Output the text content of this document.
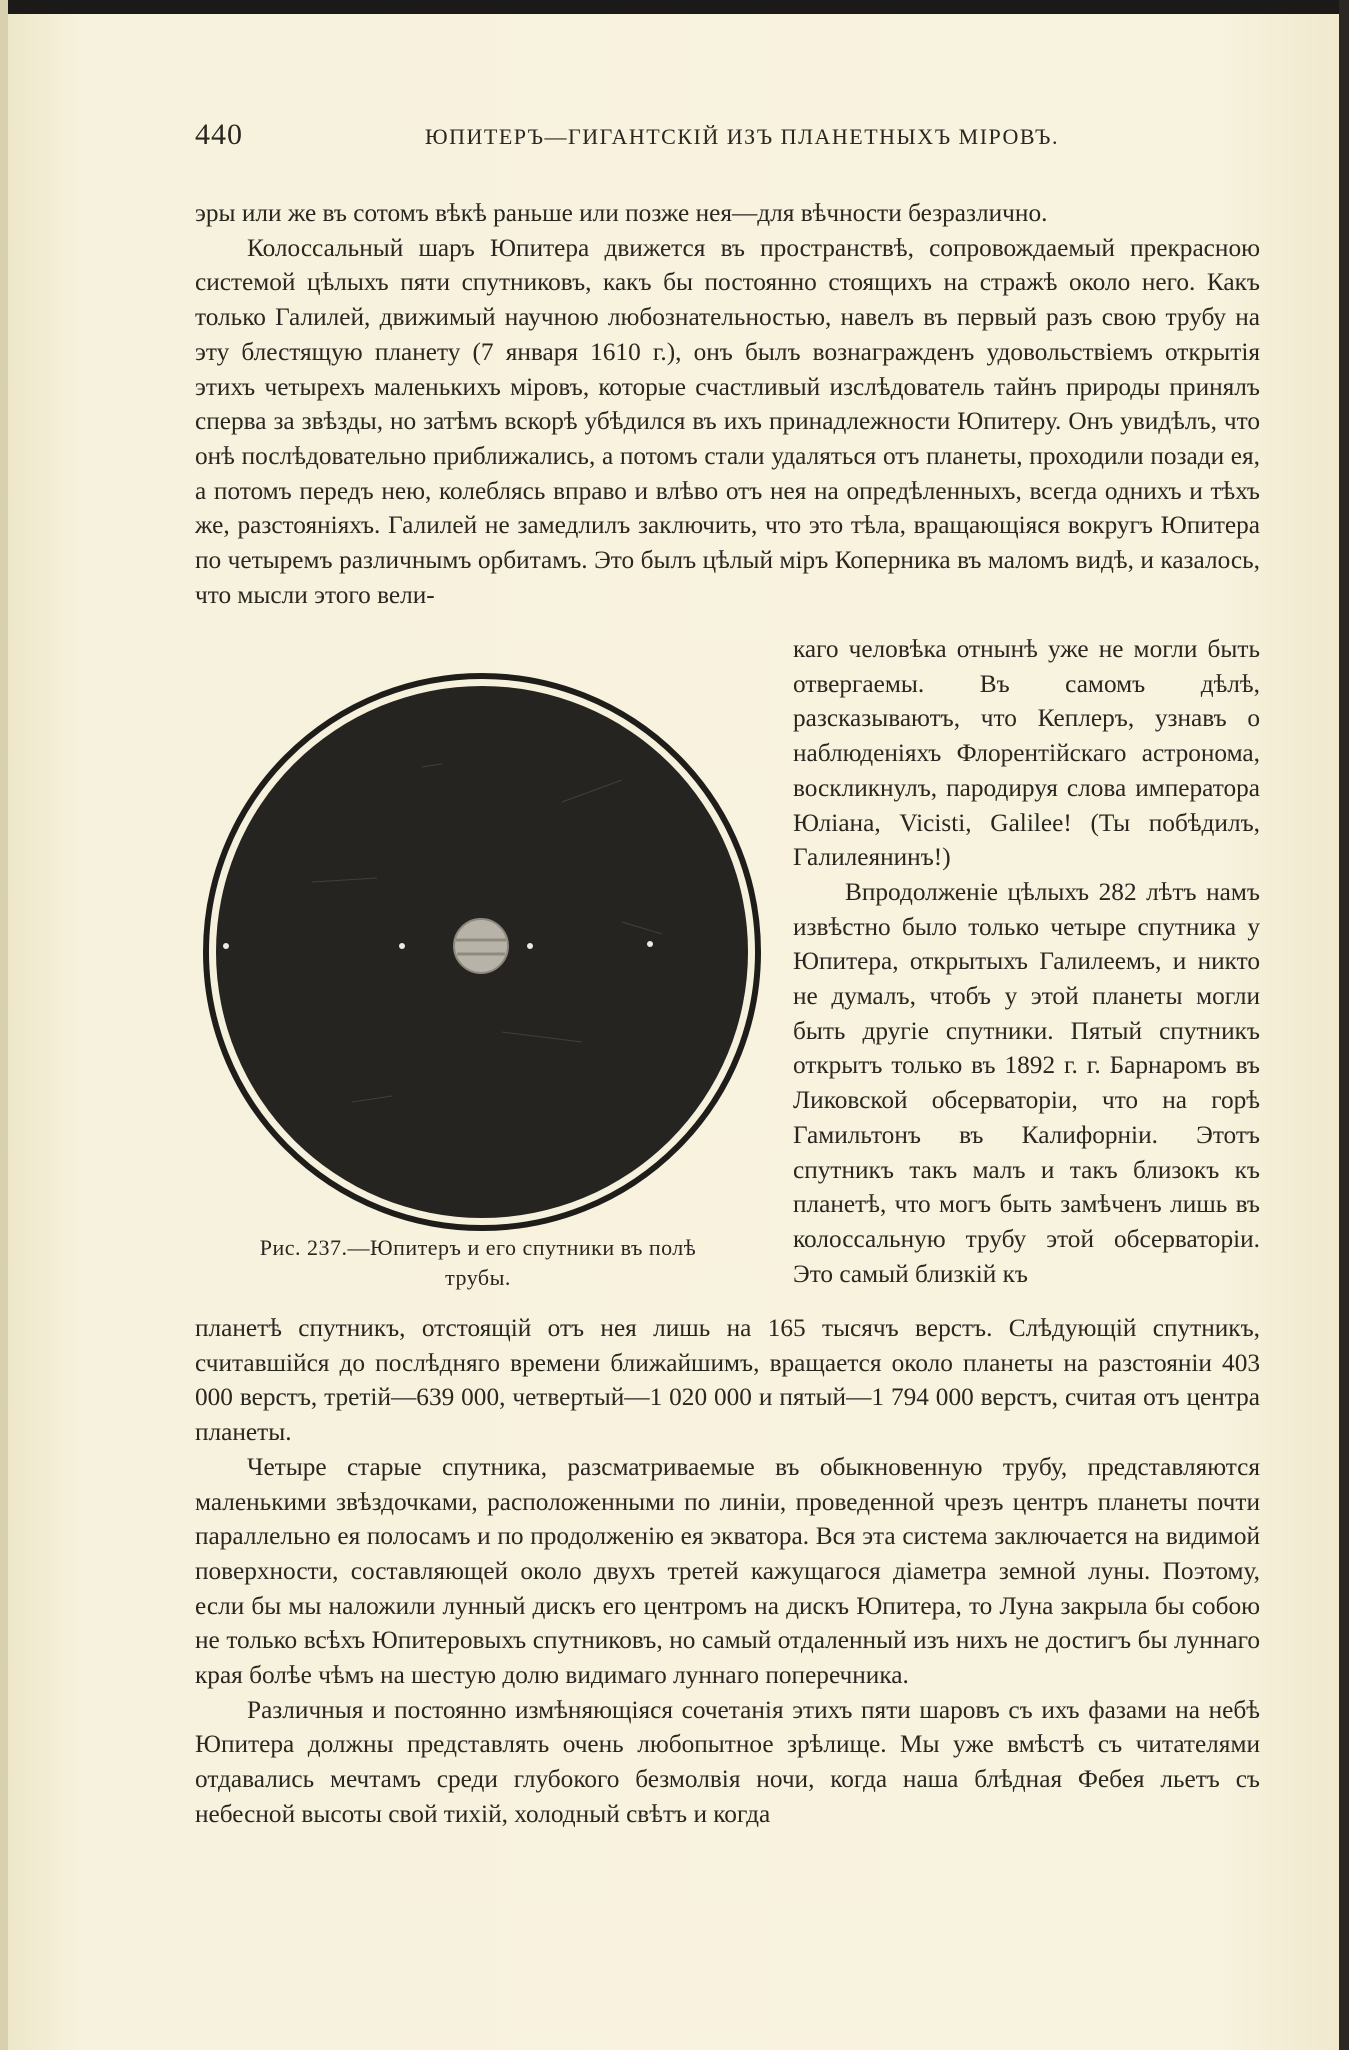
440	ЮПИТЕРЪ—ГИГАНТСКІЙ ИЗЪ ПЛАНЕТНЫХЪ МІРОВЪ.

эры или же въ сотомъ вѣкѣ раньше или позже нея—для вѣчности безразлично.

Колоссальный шаръ Юпитера движется въ пространствѣ, сопровождаемый прекрасною системой цѣлыхъ пяти спутниковъ, какъ бы постоянно стоящихъ на стражѣ около него. Какъ только Галилей, движимый научною любознательностью, навелъ въ первый разъ свою трубу на эту блестящую планету (7 января 1610 г.), онъ былъ вознагражденъ удовольствіемъ открытія этихъ четырехъ маленькихъ міровъ, которые счастливый изслѣдователь тайнъ природы принялъ сперва за звѣзды, но затѣмъ вскорѣ убѣдился въ ихъ принадлежности Юпитеру. Онъ увидѣлъ, что онѣ послѣдовательно приближались, а потомъ стали удаляться отъ планеты, проходили позади ея, а потомъ передъ нею, колеблясь вправо и влѣво отъ нея на опредѣленныхъ, всегда однихъ и тѣхъ же, разстояніяхъ. Галилей не замедлилъ заключить, что это тѣла, вращающіяся вокругъ Юпитера по четыремъ различнымъ орбитамъ. Это былъ цѣлый міръ Коперника въ маломъ видѣ, и казалось, что мысли этого вели-

каго человѣка отнынѣ уже не могли быть отвергаемы. Въ самомъ дѣлѣ, разсказываютъ, что Кеплеръ, узнавъ о наблюденіяхъ Флорентійскаго астронома, воскликнулъ, пародируя слова императора Юліана, Vicisti, Galilee! (Ты побѣдилъ, Галилеянинъ!)

Впродолженіе цѣлыхъ 282 лѣтъ намъ извѣстно было только четыре спутника у Юпитера, открытыхъ Галилеемъ, и никто не думалъ, чтобъ у этой планеты могли быть другіе спутники. Пятый спутникъ открытъ только въ 1892 г. г. Барнаромъ въ Ликовской обсерваторіи, что на горѣ Гамильтонъ въ Калифорніи. Этотъ спутникъ такъ малъ и такъ близокъ къ планетѣ, что могъ быть замѣченъ лишь въ колоссальную трубу этой обсерваторіи. Это самый близкій къ

Рис. 237.—Юпитеръ и его спутники въ полѣ трубы.

планетѣ спутникъ, отстоящій отъ нея лишь на 165 тысячъ верстъ. Слѣдующій спутникъ, считавшійся до послѣдняго времени ближайшимъ, вращается около планеты на разстояніи 403 000 верстъ, третій—639 000, четвертый—1 020 000 и пятый—1 794 000 верстъ, считая отъ центра планеты.

Четыре старые спутника, разсматриваемые въ обыкновенную трубу, представляются маленькими звѣздочками, расположенными по линіи, проведенной чрезъ центръ планеты почти параллельно ея полосамъ и по продолженію ея экватора. Вся эта система заключается на видимой поверхности, составляющей около двухъ третей кажущагося діаметра земной луны. Поэтому, если бы мы наложили лунный дискъ его центромъ на дискъ Юпитера, то Луна закрыла бы собою не только всѣхъ Юпитеровыхъ спутниковъ, но самый отдаленный изъ нихъ не достигъ бы луннаго края болѣе чѣмъ на шестую долю видимаго луннаго поперечника.

Различныя и постоянно измѣняющіяся сочетанія этихъ пяти шаровъ съ ихъ фазами на небѣ Юпитера должны представлять очень любопытное зрѣлище. Мы уже вмѣстѣ съ читателями отдавались мечтамъ среди глубокого безмолвія ночи, когда наша блѣдная Фебея льетъ съ небесной высоты свой тихій, холодный свѣтъ и когда
